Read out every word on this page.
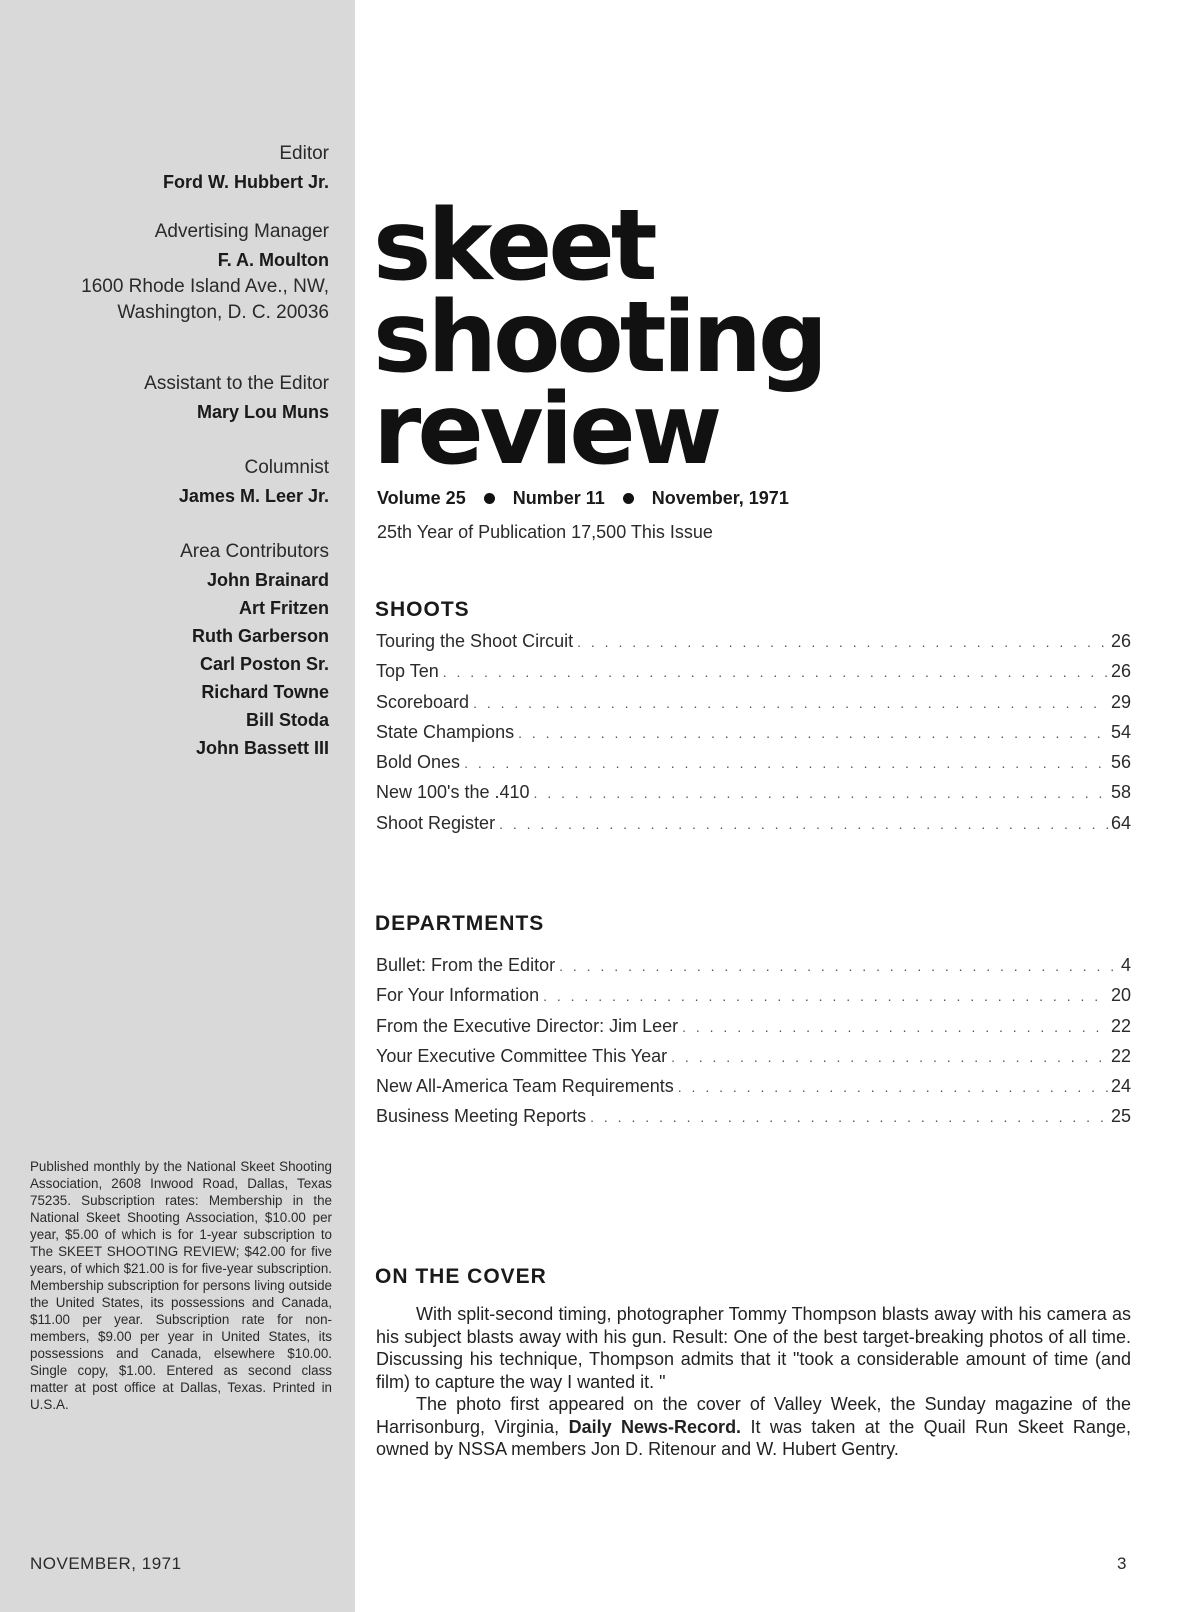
Editor
Ford W. Hubbert Jr.
Advertising Manager
F. A. Moulton
1600 Rhode Island Ave., NW,
Washington, D. C. 20036
Assistant to the Editor
Mary Lou Muns
Columnist
James M. Leer Jr.
Area Contributors
John Brainard
Art Fritzen
Ruth Garberson
Carl Poston Sr.
Richard Towne
Bill Stoda
John Bassett III
Published monthly by the National Skeet Shooting Association, 2608 Inwood Road, Dallas, Texas 75235. Subscription rates: Membership in the National Skeet Shooting Association, $10.00 per year, $5.00 of which is for 1-year subscription to The SKEET SHOOTING REVIEW; $42.00 for five years, of which $21.00 is for five-year subscription. Membership subscription for persons living outside the United States, its possessions and Canada, $11.00 per year. Subscription rate for non-members, $9.00 per year in United States, its possessions and Canada, elsewhere $10.00. Single copy, $1.00. Entered as second class matter at post office at Dallas, Texas. Printed in U.S.A.
NOVEMBER, 1971
skeet
shooting
review
Volume 25	Number 11	November, 1971
25th Year of Publication 17,500 This Issue
SHOOTS
Touring the Shoot Circuit . . .	26
Top Ten . . .	26
Scoreboard . . .	29
State Champions . . .	54
Bold Ones . . .	56
New 100's the .410 . . .	58
Shoot Register . . .	64
DEPARTMENTS
Bullet: From the Editor . . .	4
For Your Information . . .	20
From the Executive Director: Jim Leer . . .	22
Your Executive Committee This Year . . .	22
New All-America Team Requirements . . .	24
Business Meeting Reports . . .	25
ON THE COVER

With split-second timing, photographer Tommy Thompson blasts away with his camera as his subject blasts away with his gun. Result: One of the best target-breaking photos of all time. Discussing his technique, Thompson admits that it "took a considerable amount of time (and film) to capture the way I wanted it. "

The photo first appeared on the cover of Valley Week, the Sunday magazine of the Harrisonburg, Virginia, Daily News-Record. It was taken at the Quail Run Skeet Range, owned by NSSA members Jon D. Ritenour and W. Hubert Gentry.

3
